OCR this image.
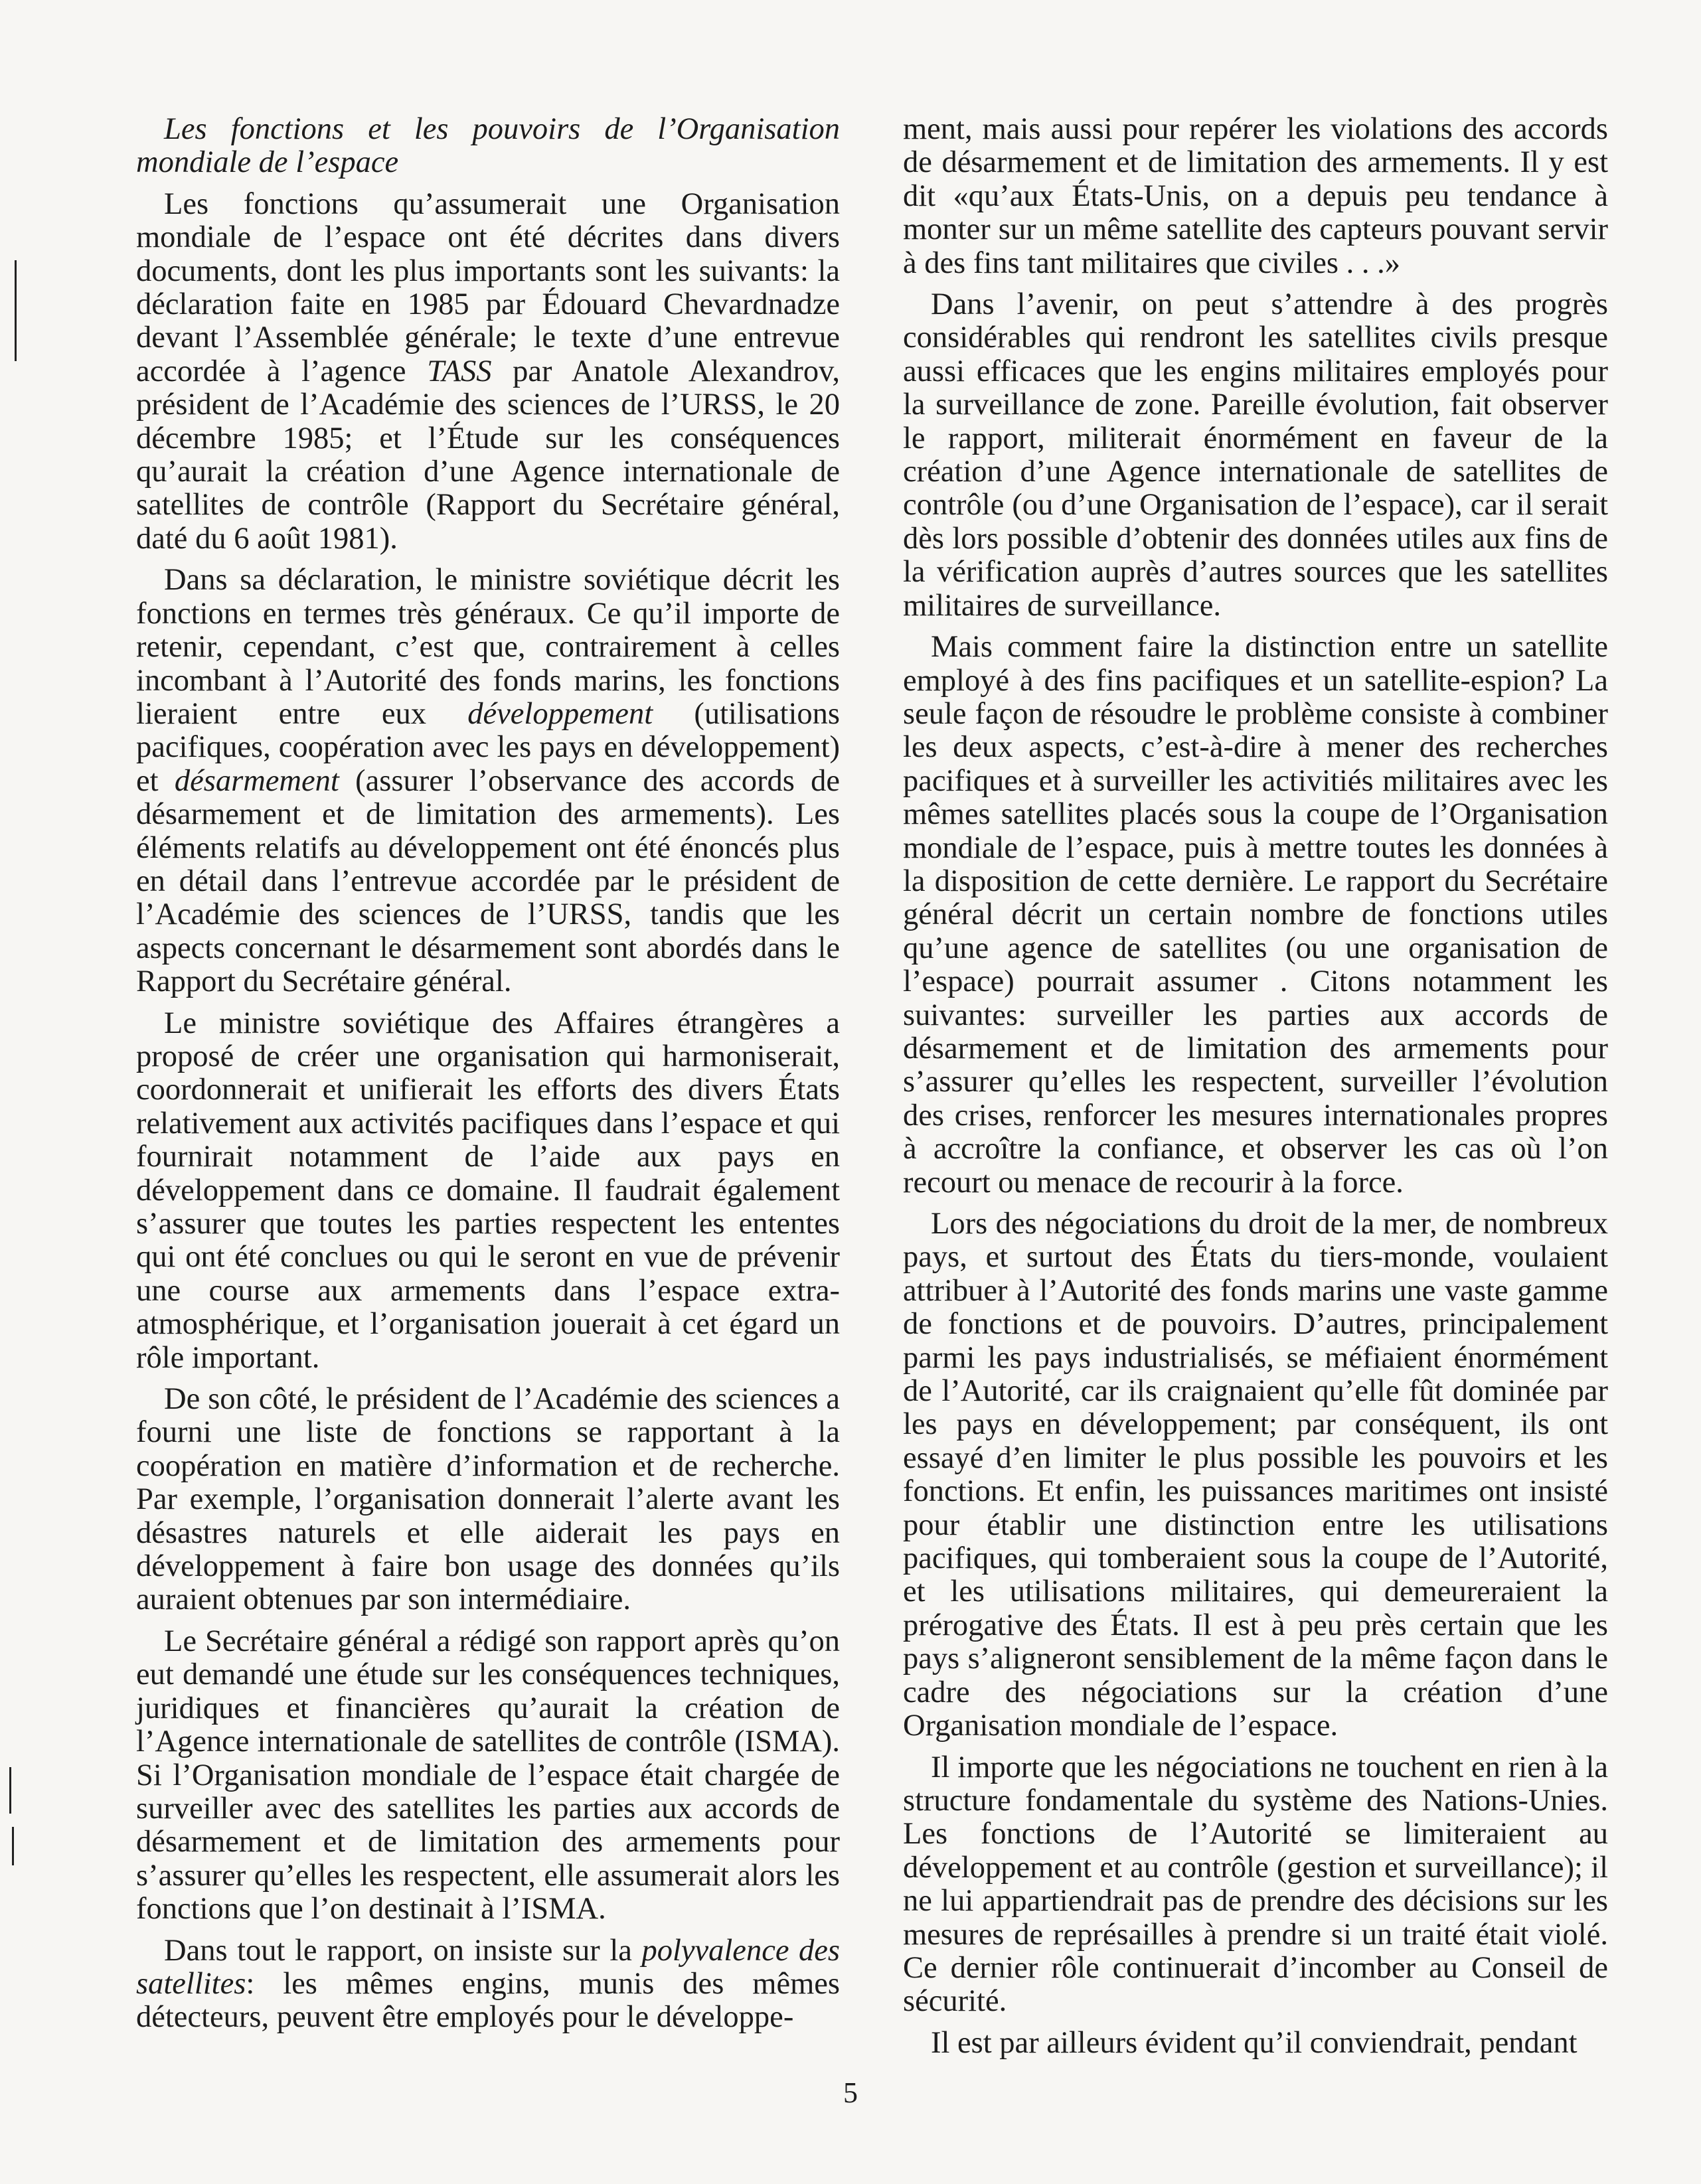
Les fonctions et les pouvoirs de l’Organisation mondiale de l’espace

Les fonctions qu’assumerait une Organisation mondiale de l’espace ont été décrites dans divers documents, dont les plus importants sont les suivants: la déclaration faite en 1985 par Édouard Chevardnadze devant l’Assemblée générale; le texte d’une entrevue accordée à l’agence TASS par Anatole Alexandrov, président de l’Académie des sciences de l’URSS, le 20 décembre 1985; et l’Étude sur les conséquences qu’aurait la création d’une Agence internationale de satellites de contrôle (Rapport du Secrétaire général, daté du 6 août 1981).

Dans sa déclaration, le ministre soviétique décrit les fonctions en termes très généraux. Ce qu’il importe de retenir, cependant, c’est que, contrairement à celles incombant à l’Autorité des fonds marins, les fonctions lieraient entre eux développement (utilisations pacifiques, coopération avec les pays en développement) et désarmement (assurer l’observance des accords de désarmement et de limitation des armements). Les éléments relatifs au développement ont été énoncés plus en détail dans l’entrevue accordée par le président de l’Académie des sciences de l’URSS, tandis que les aspects concernant le désarmement sont abordés dans le Rapport du Secrétaire général.

Le ministre soviétique des Affaires étrangères a proposé de créer une organisation qui harmoniserait, coordonnerait et unifierait les efforts des divers États relativement aux activités pacifiques dans l’espace et qui fournirait notamment de l’aide aux pays en développement dans ce domaine. Il faudrait également s’assurer que toutes les parties respectent les ententes qui ont été conclues ou qui le seront en vue de prévenir une course aux armements dans l’espace extra-atmosphérique, et l’organisation jouerait à cet égard un rôle important.

De son côté, le président de l’Académie des sciences a fourni une liste de fonctions se rapportant à la coopération en matière d’information et de recherche. Par exemple, l’organisation donnerait l’alerte avant les désastres naturels et elle aiderait les pays en développement à faire bon usage des données qu’ils auraient obtenues par son intermédiaire.

Le Secrétaire général a rédigé son rapport après qu’on eut demandé une étude sur les conséquences techniques, juridiques et financières qu’aurait la création de l’Agence internationale de satellites de contrôle (ISMA). Si l’Organisation mondiale de l’espace était chargée de surveiller avec des satellites les parties aux accords de désarmement et de limitation des armements pour s’assurer qu’elles les respectent, elle assumerait alors les fonctions que l’on destinait à l’ISMA.

Dans tout le rapport, on insiste sur la polyvalence des satellites: les mêmes engins, munis des mêmes détecteurs, peuvent être employés pour le développe-

ment, mais aussi pour repérer les violations des accords de désarmement et de limitation des armements. Il y est dit «qu’aux États-Unis, on a depuis peu tendance à monter sur un même satellite des capteurs pouvant servir à des fins tant militaires que civiles . . .»

Dans l’avenir, on peut s’attendre à des progrès considérables qui rendront les satellites civils presque aussi efficaces que les engins militaires employés pour la surveillance de zone. Pareille évolution, fait observer le rapport, militerait énormément en faveur de la création d’une Agence internationale de satellites de contrôle (ou d’une Organisation de l’espace), car il serait dès lors possible d’obtenir des données utiles aux fins de la vérification auprès d’autres sources que les satellites militaires de surveillance.

Mais comment faire la distinction entre un satellite employé à des fins pacifiques et un satellite-espion? La seule façon de résoudre le problème consiste à combiner les deux aspects, c’est-à-dire à mener des recherches pacifiques et à surveiller les activitiés militaires avec les mêmes satellites placés sous la coupe de l’Organisation mondiale de l’espace, puis à mettre toutes les données à la disposition de cette dernière. Le rapport du Secrétaire général décrit un certain nombre de fonctions utiles qu’une agence de satellites (ou une organisation de l’espace) pourrait assumer . Citons notamment les suivantes: surveiller les parties aux accords de désarmement et de limitation des armements pour s’assurer qu’elles les respectent, surveiller l’évolution des crises, renforcer les mesures internationales propres à accroître la confiance, et observer les cas où l’on recourt ou menace de recourir à la force.

Lors des négociations du droit de la mer, de nombreux pays, et surtout des États du tiers-monde, voulaient attribuer à l’Autorité des fonds marins une vaste gamme de fonctions et de pouvoirs. D’autres, principalement parmi les pays industrialisés, se méfiaient énormément de l’Autorité, car ils craignaient qu’elle fût dominée par les pays en développement; par conséquent, ils ont essayé d’en limiter le plus possible les pouvoirs et les fonctions. Et enfin, les puissances maritimes ont insisté pour établir une distinction entre les utilisations pacifiques, qui tomberaient sous la coupe de l’Autorité, et les utilisations militaires, qui demeureraient la prérogative des États. Il est à peu près certain que les pays s’aligneront sensiblement de la même façon dans le cadre des négociations sur la création d’une Organisation mondiale de l’espace.

Il importe que les négociations ne touchent en rien à la structure fondamentale du système des Nations-Unies. Les fonctions de l’Autorité se limiteraient au développement et au contrôle (gestion et surveillance); il ne lui appartiendrait pas de prendre des décisions sur les mesures de représailles à prendre si un traité était violé. Ce dernier rôle continuerait d’incomber au Conseil de sécurité.

Il est par ailleurs évident qu’il conviendrait, pendant

5
